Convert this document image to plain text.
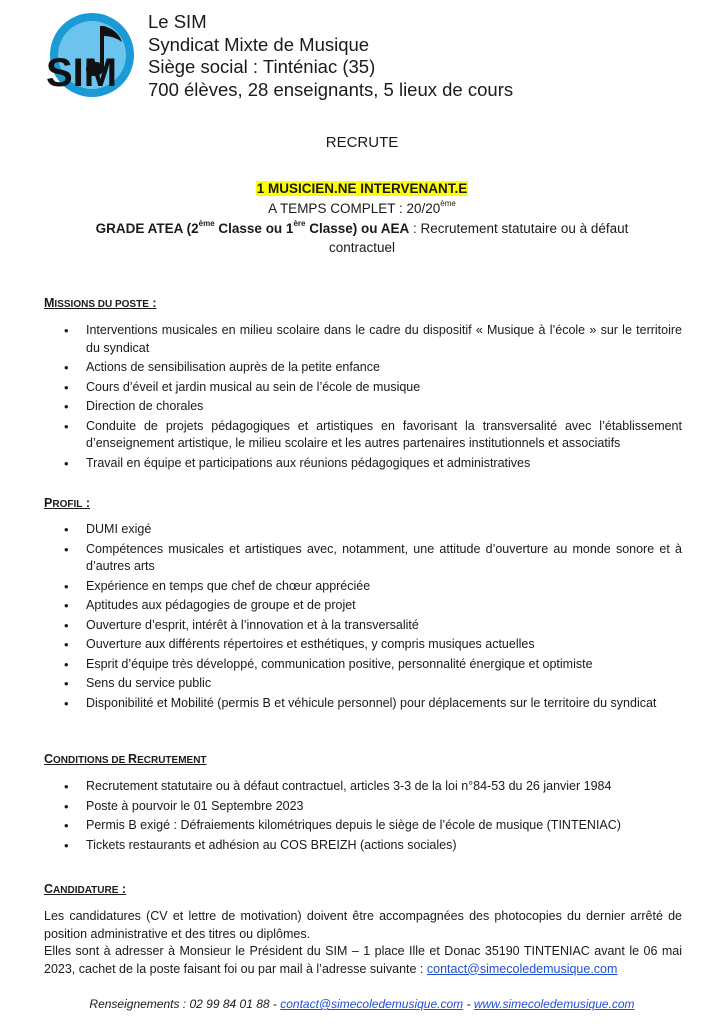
SIM
Le SIM
Syndicat Mixte de Musique
Siège social : Tinténiac (35)
700 élèves, 28 enseignants, 5 lieux de cours
RECRUTE
1 MUSICIEN.NE INTERVENANT.E
A TEMPS COMPLET : 20/20ème
GRADE ATEA (2ème Classe ou 1ère Classe) ou AEA : Recrutement statutaire ou à défaut
contractuel
MISSIONS DU POSTE :
• Interventions musicales en milieu scolaire dans le cadre du dispositif « Musique à l’école » sur le territoire du syndicat
• Actions de sensibilisation auprès de la petite enfance
• Cours d’éveil et jardin musical au sein de l’école de musique
• Direction de chorales
• Conduite de projets pédagogiques et artistiques en favorisant la transversalité avec l’établissement d’enseignement artistique, le milieu scolaire et les autres partenaires institutionnels et associatifs
• Travail en équipe et participations aux réunions pédagogiques et administratives
PROFIL :
• DUMI exigé
• Compétences musicales et artistiques avec, notamment, une attitude d’ouverture au monde sonore et à d’autres arts
• Expérience en temps que chef de chœur appréciée
• Aptitudes aux pédagogies de groupe et de projet
• Ouverture d’esprit, intérêt à l’innovation et à la transversalité
• Ouverture aux différents répertoires et esthétiques, y compris musiques actuelles
• Esprit d’équipe très développé, communication positive, personnalité énergique et optimiste
• Sens du service public
• Disponibilité et Mobilité (permis B et véhicule personnel) pour déplacements sur le territoire du syndicat
CONDITIONS DE RECRUTEMENT
• Recrutement statutaire ou à défaut contractuel, articles 3-3 de la loi n°84-53 du 26 janvier 1984
• Poste à pourvoir le 01 Septembre 2023
• Permis B exigé : Défraiements kilométriques depuis le siège de l’école de musique (TINTENIAC)
• Tickets restaurants et adhésion au COS BREIZH (actions sociales)
CANDIDATURE :
Les candidatures (CV et lettre de motivation) doivent être accompagnées des photocopies du dernier arrêté de position administrative et des titres ou diplômes.
Elles sont à adresser à Monsieur le Président du SIM – 1 place Ille et Donac 35190 TINTENIAC avant le 06 mai 2023, cachet de la poste faisant foi ou par mail à l’adresse suivante : contact@simecoledemusique.com
Renseignements : 02 99 84 01 88 - contact@simecoledemusique.com - www.simecoledemusique.com
